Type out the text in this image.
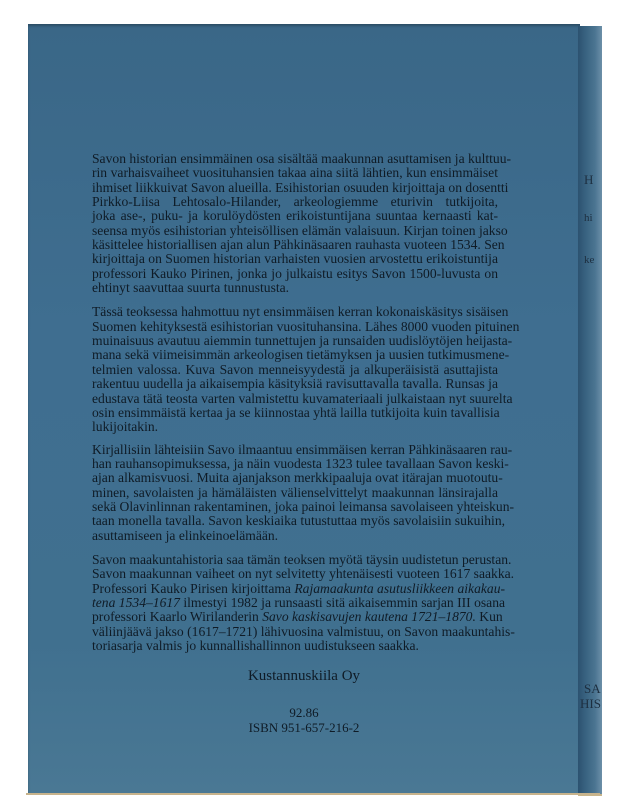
H
hi
ke
SA
HIS
Savon historian ensimmäinen osa sisältää maakunnan asuttamisen ja kulttuu-
rin varhaisvaiheet vuosituhansien takaa aina siitä lähtien, kun ensimmäiset
ihmiset liikkuivat Savon alueilla. Esihistorian osuuden kirjoittaja on dosentti
Pirkko-Liisa Lehtosalo-Hilander, arkeologiemme eturivin tutkijoita,
joka ase-, puku- ja korulöydösten erikoistuntijana suuntaa kernaasti kat-
seensa myös esihistorian yhteisöllisen elämän valaisuun. Kirjan toinen jakso
käsittelee historiallisen ajan alun Pähkinäsaaren rauhasta vuoteen 1534. Sen
kirjoittaja on Suomen historian varhaisten vuosien arvostettu erikoistuntija
professori Kauko Pirinen, jonka jo julkaistu esitys Savon 1500-luvusta on
ehtinyt saavuttaa suurta tunnustusta.
Tässä teoksessa hahmottuu nyt ensimmäisen kerran kokonaiskäsitys sisäisen
Suomen kehityksestä esihistorian vuosituhansina. Lähes 8000 vuoden pituinen
muinaisuus avautuu aiemmin tunnettujen ja runsaiden uudislöytöjen heijasta-
mana sekä viimeisimmän arkeologisen tietämyksen ja uusien tutkimusmene-
telmien valossa. Kuva Savon menneisyydestä ja alkuperäisistä asuttajista
rakentuu uudella ja aikaisempia käsityksiä ravisuttavalla tavalla. Runsas ja
edustava tätä teosta varten valmistettu kuvamateriaali julkaistaan nyt suurelta
osin ensimmäistä kertaa ja se kiinnostaa yhtä lailla tutkijoita kuin tavallisia
lukijoitakin.
Kirjallisiin lähteisiin Savo ilmaantuu ensimmäisen kerran Pähkinäsaaren rau-
han rauhansopimuksessa, ja näin vuodesta 1323 tulee tavallaan Savon keski-
ajan alkamisvuosi. Muita ajanjakson merkkipaaluja ovat itärajan muotoutu-
minen, savolaisten ja hämäläisten välienselvittelyt maakunnan länsirajalla
sekä Olavinlinnan rakentaminen, joka painoi leimansa savolaiseen yhteiskun-
taan monella tavalla. Savon keskiaika tutustuttaa myös savolaisiin sukuihin,
asuttamiseen ja elinkeinoelämään.
Savon maakuntahistoria saa tämän teoksen myötä täysin uudistetun perustan.
Savon maakunnan vaiheet on nyt selvitetty yhtenäisesti vuoteen 1617 saakka.
Professori Kauko Pirisen kirjoittama Rajamaakunta asutusliikkeen aikakau-
tena 1534–1617 ilmestyi 1982 ja runsaasti sitä aikaisemmin sarjan III osana
professori Kaarlo Wirilanderin Savo kaskisavujen kautena 1721–1870. Kun
väliinjäävä jakso (1617–1721) lähivuosina valmistuu, on Savon maakuntahis-
toriasarja valmis jo kunnallishallinnon uudistukseen saakka.
Kustannuskiila Oy
92.86
ISBN 951-657-216-2
